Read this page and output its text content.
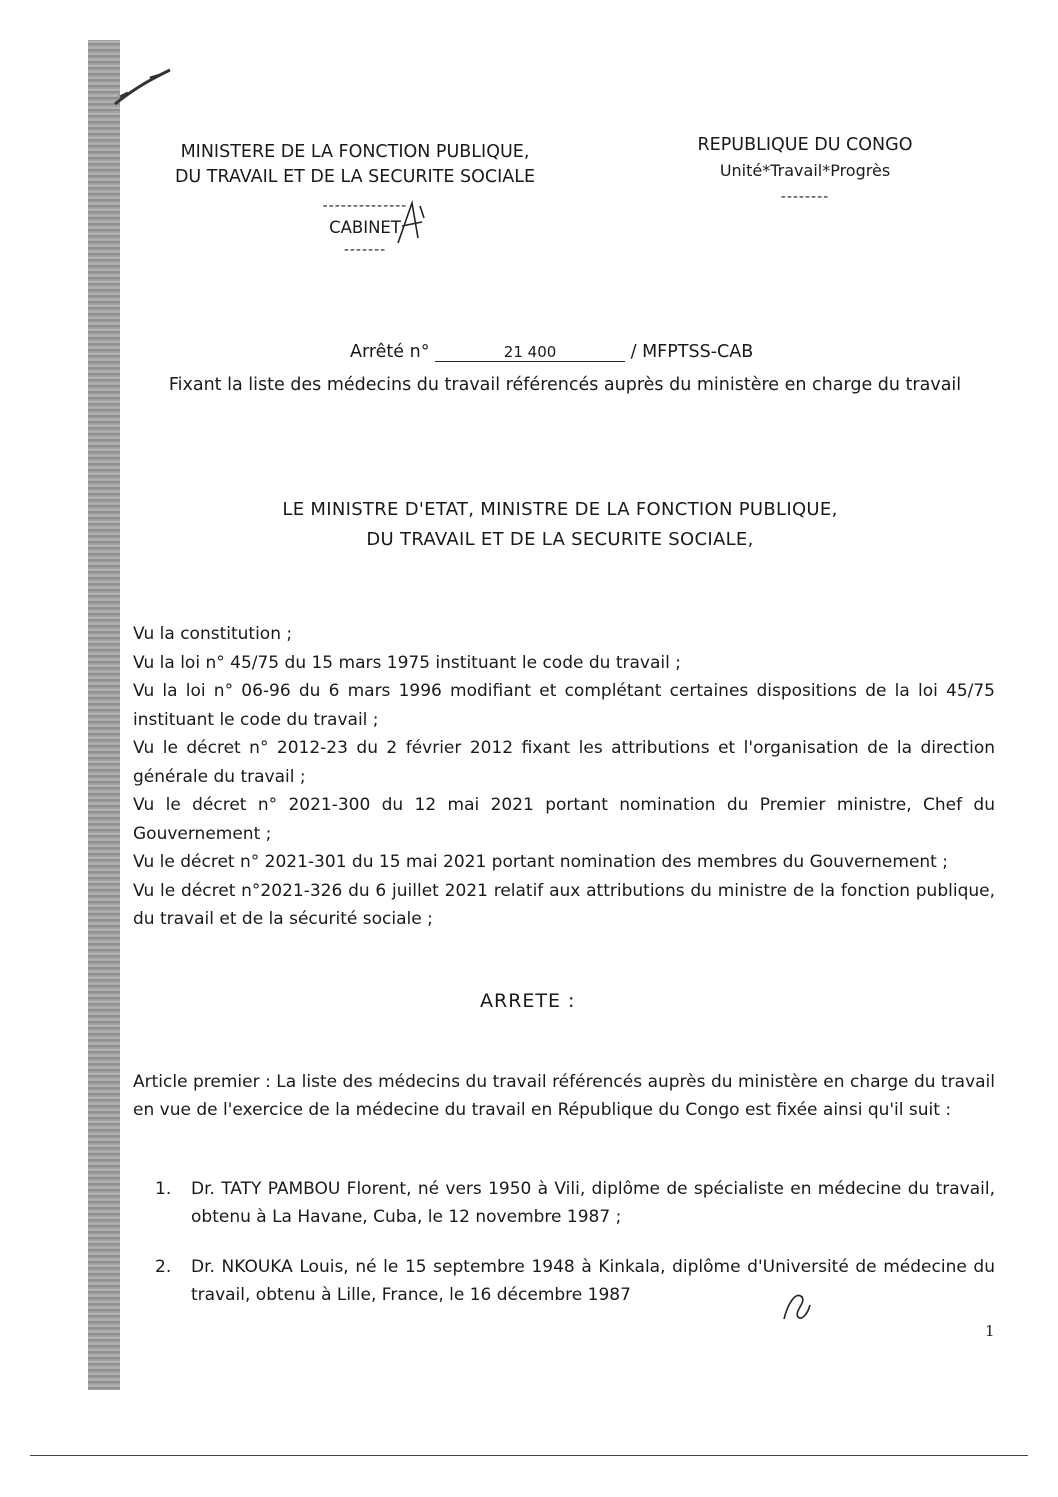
MINISTERE DE LA FONCTION PUBLIQUE,
DU TRAVAIL ET DE LA SECURITE SOCIALE
--------------
CABINET
-------
REPUBLIQUE DU CONGO
Unité*Travail*Progrès
--------
Arrêté n°	21 400	/ MFPTSS-CAB
Fixant la liste des médecins du travail référencés auprès du ministère en charge du travail
LE MINISTRE D'ETAT, MINISTRE DE LA FONCTION PUBLIQUE,
DU TRAVAIL ET DE LA SECURITE SOCIALE,

Vu la constitution ;

Vu la loi n° 45/75 du 15 mars 1975 instituant le code du travail ;

Vu la loi n° 06-96 du 6 mars 1996 modifiant et complétant certaines dispositions de la loi 45/75 instituant le code du travail ;

Vu le décret n° 2012-23 du 2 février 2012 fixant les attributions et l'organisation de la direction générale du travail ;

Vu le décret n° 2021-300 du 12 mai 2021 portant nomination du Premier ministre, Chef du Gouvernement ;

Vu le décret n° 2021-301 du 15 mai 2021 portant nomination des membres du Gouvernement ;

Vu le décret n°2021-326 du 6 juillet 2021 relatif aux attributions du ministre de la fonction publique, du travail et de la sécurité sociale ;

ARRETE :

Article premier : La liste des médecins du travail référencés auprès du ministère en charge du travail en vue de l'exercice de la médecine du travail en République du Congo est fixée ainsi qu'il suit :

1.	Dr. TATY PAMBOU Florent, né vers 1950 à Vili, diplôme de spécialiste en médecine du travail, obtenu à La Havane, Cuba, le 12 novembre 1987 ;
2.	Dr. NKOUKA Louis, né le 15 septembre 1948 à Kinkala, diplôme d'Université de médecine du travail, obtenu à Lille, France, le 16 décembre 1987
1
